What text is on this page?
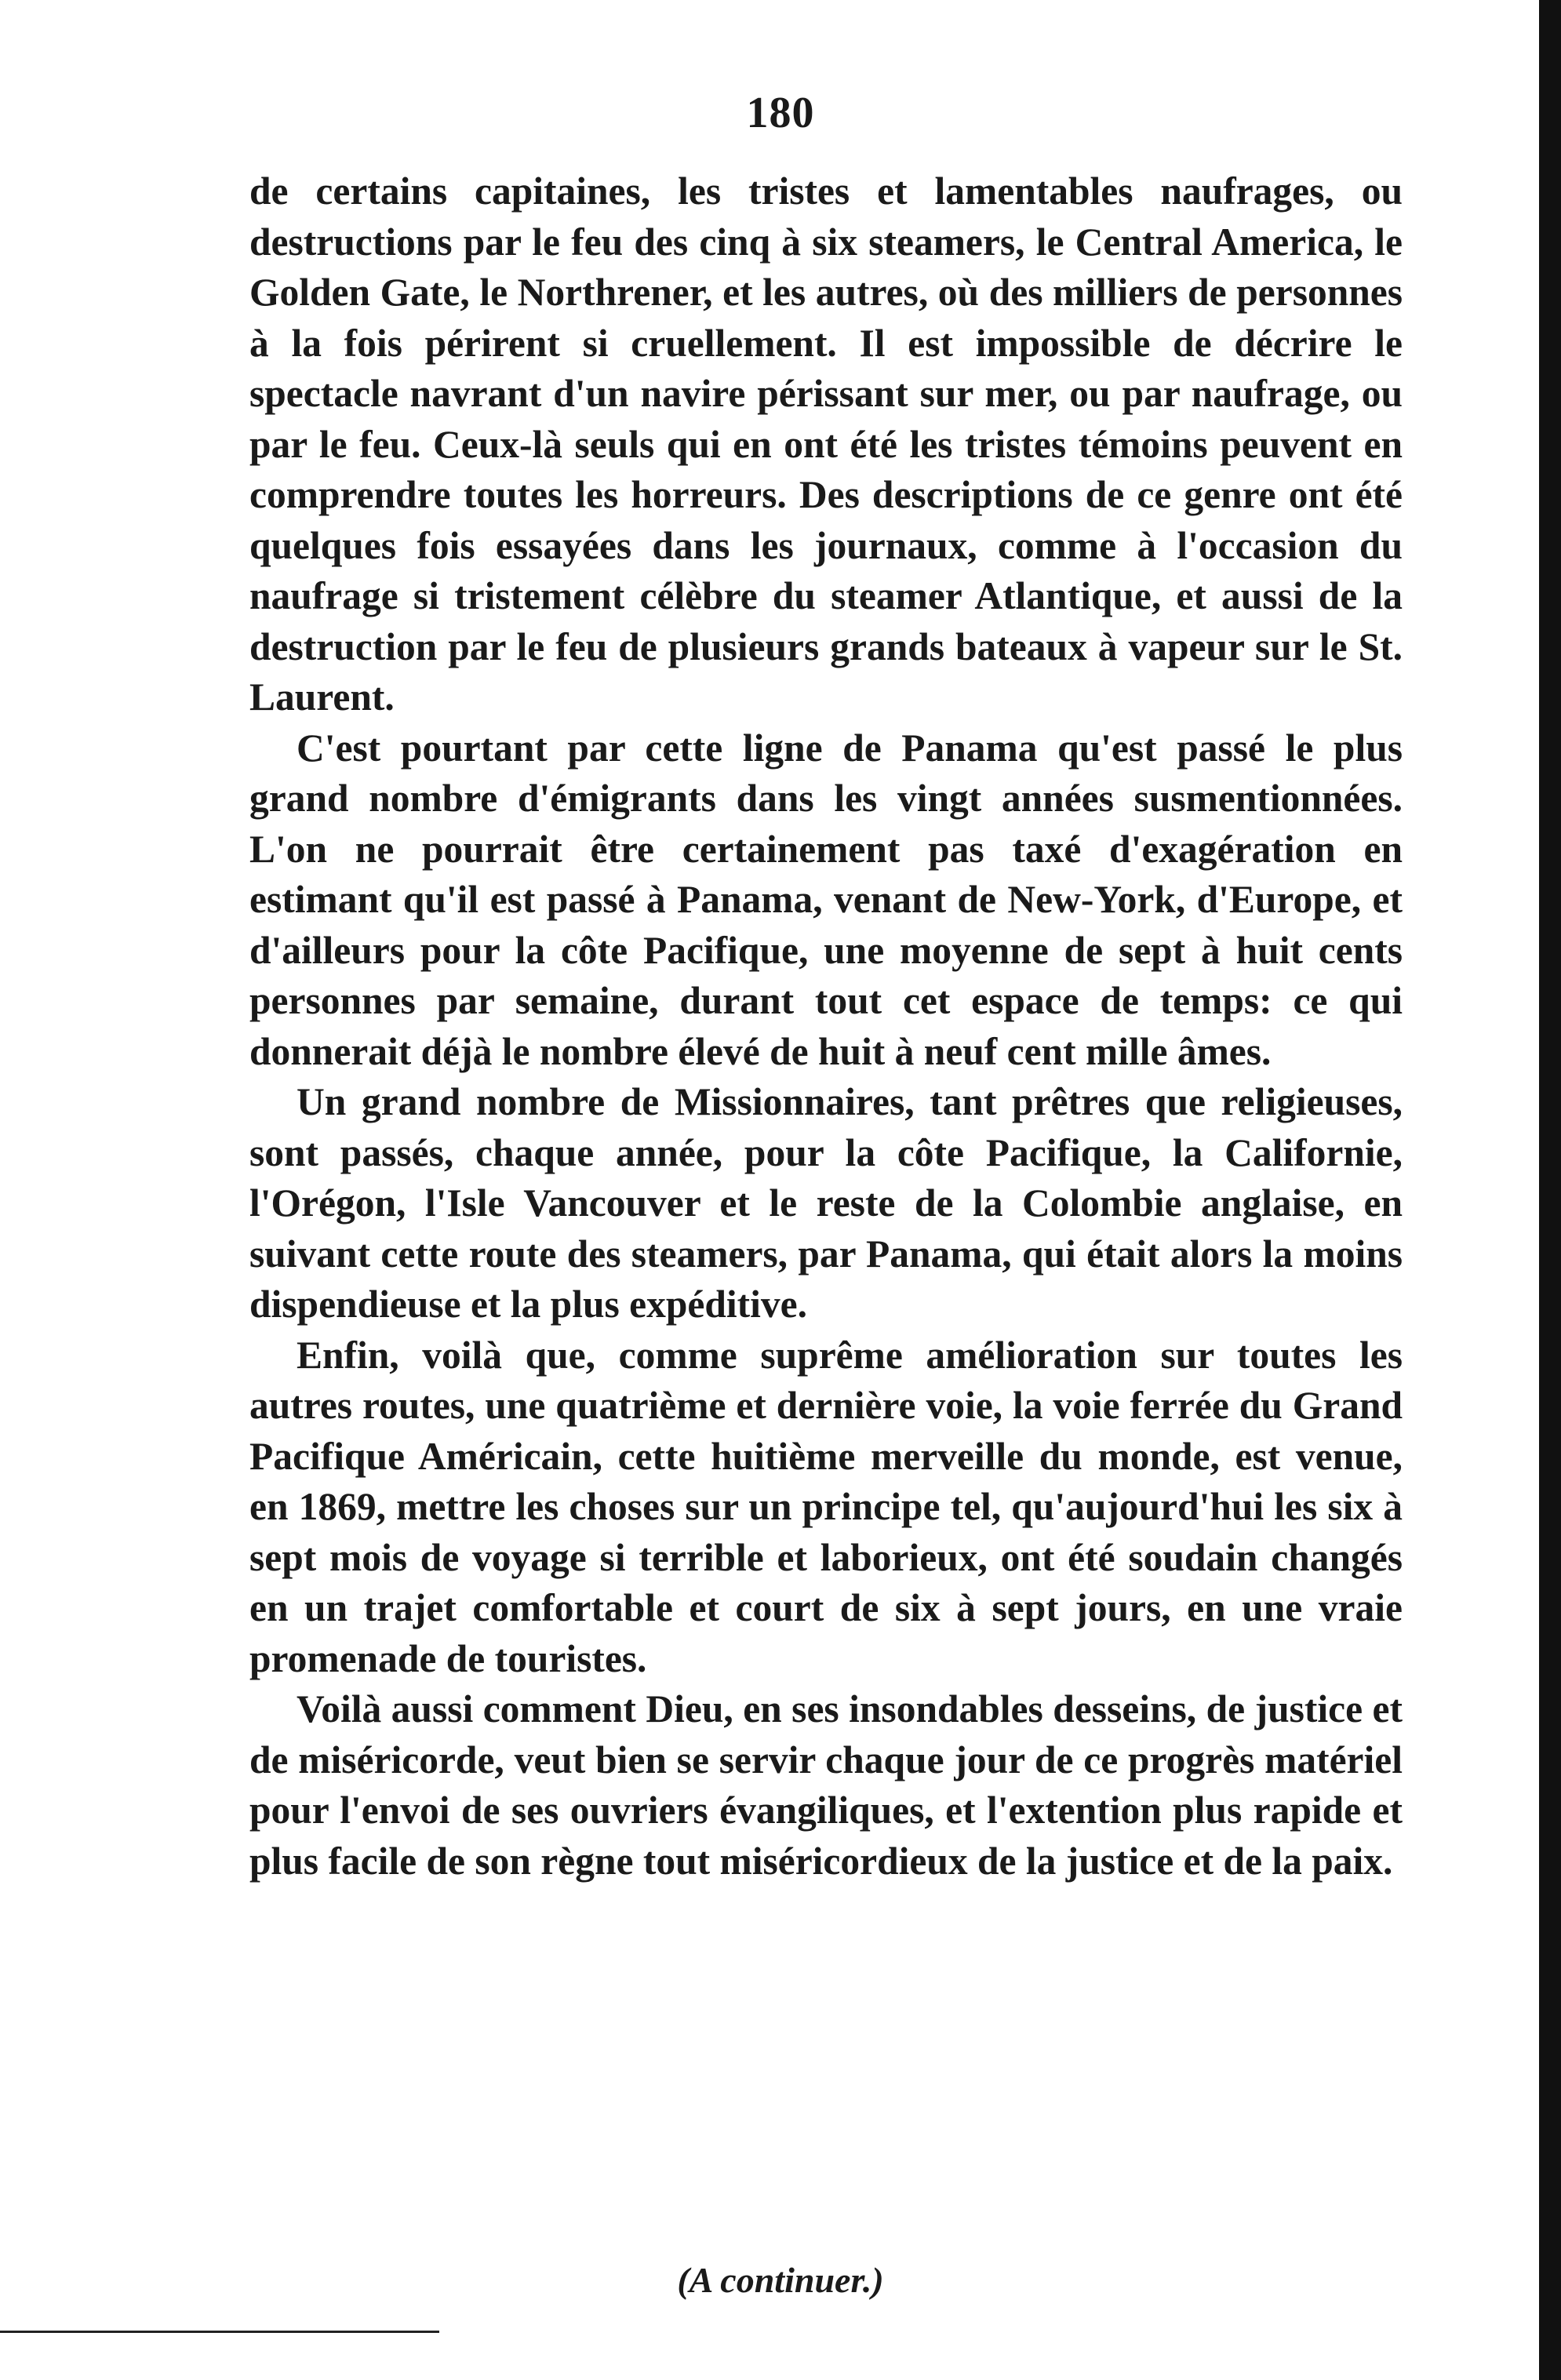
180

de certains capitaines, les tristes et lamentables naufrages, ou destructions par le feu des cinq à six steamers, le Central America, le Golden Gate, le Northrener, et les autres, où des milliers de personnes à la fois périrent si cruellement. Il est impossible de décrire le spectacle navrant d'un navire périssant sur mer, ou par naufrage, ou par le feu. Ceux-là seuls qui en ont été les tristes témoins peuvent en comprendre toutes les horreurs. Des descriptions de ce genre ont été quelques fois essayées dans les journaux, comme à l'occasion du naufrage si tristement célèbre du steamer Atlantique, et aussi de la destruction par le feu de plusieurs grands bateaux à vapeur sur le St. Laurent.

C'est pourtant par cette ligne de Panama qu'est passé le plus grand nombre d'émigrants dans les vingt années susmentionnées. L'on ne pourrait être certainement pas taxé d'exagération en estimant qu'il est passé à Panama, venant de New-York, d'Europe, et d'ailleurs pour la côte Pacifique, une moyenne de sept à huit cents personnes par semaine, durant tout cet espace de temps: ce qui donnerait déjà le nombre élevé de huit à neuf cent mille âmes.

Un grand nombre de Missionnaires, tant prêtres que religieuses, sont passés, chaque année, pour la côte Pacifique, la Californie, l'Orégon, l'Isle Vancouver et le reste de la Colombie anglaise, en suivant cette route des steamers, par Panama, qui était alors la moins dispendieuse et la plus expéditive.

Enfin, voilà que, comme suprême amélioration sur toutes les autres routes, une quatrième et dernière voie, la voie ferrée du Grand Pacifique Américain, cette huitième merveille du monde, est venue, en 1869, mettre les choses sur un principe tel, qu'aujourd'hui les six à sept mois de voyage si terrible et laborieux, ont été soudain changés en un trajet comfortable et court de six à sept jours, en une vraie promenade de touristes.

Voilà aussi comment Dieu, en ses insondables desseins, de justice et de miséricorde, veut bien se servir chaque jour de ce progrès matériel pour l'envoi de ses ouvriers évangiliques, et l'extention plus rapide et plus facile de son règne tout miséricordieux de la justice et de la paix.

(A continuer.)
